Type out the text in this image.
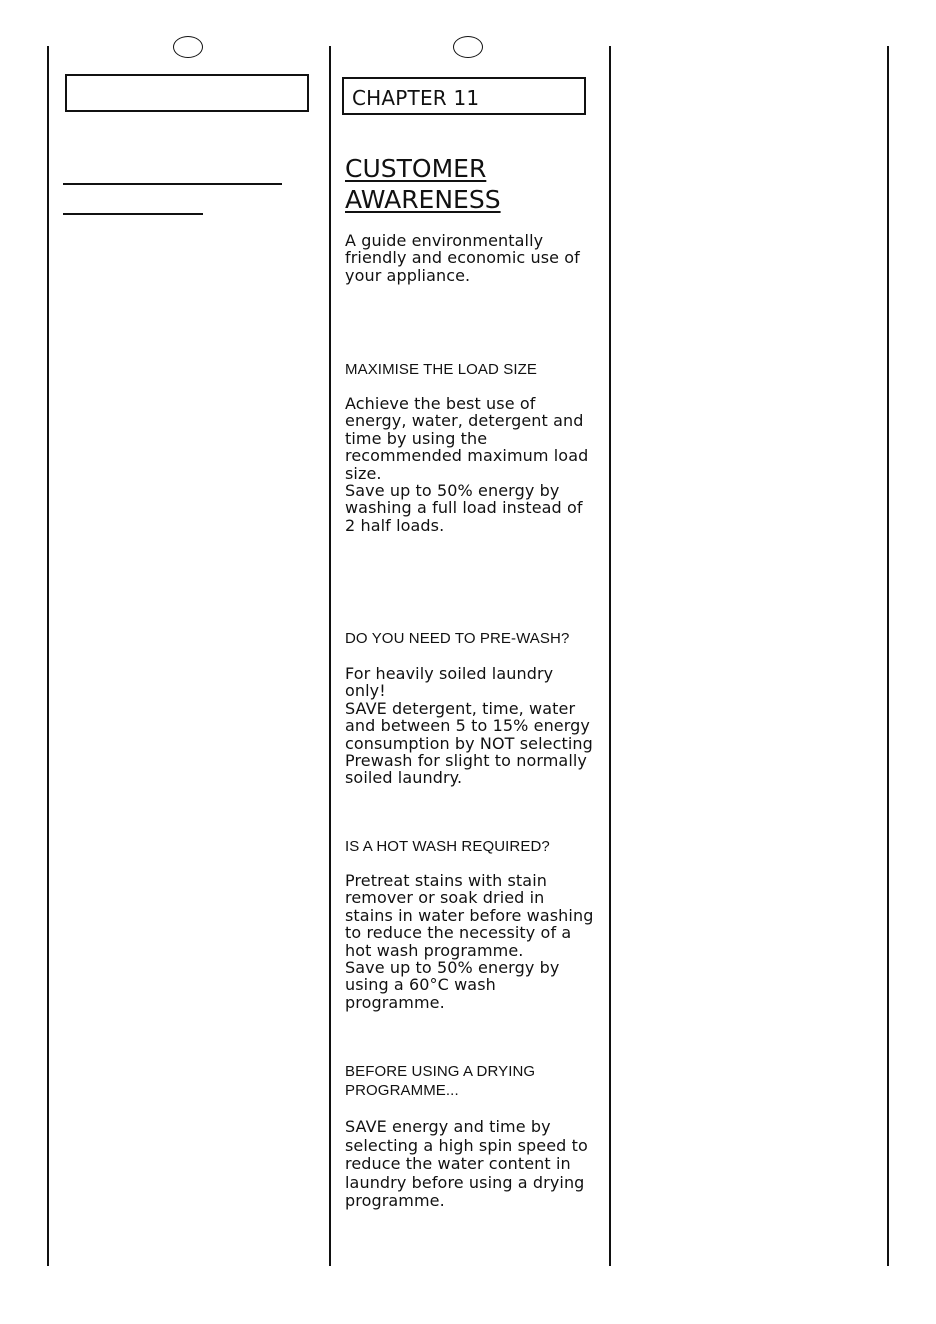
CHAPTER 11
CUSTOMER
AWARENESS

A guide environmentally friendly and economic use of your appliance.

MAXIMISE THE LOAD SIZE

Achieve the best use of energy, water, detergent and time by using the recommended maximum load size.
Save up to 50% energy by washing a full load instead of 2 half loads.

DO YOU NEED TO PRE-WASH?

For heavily soiled laundry only!
SAVE detergent, time, water and between 5 to 15% energy consumption by NOT selecting Prewash for slight to normally soiled laundry.

IS A HOT WASH REQUIRED?

Pretreat stains with stain remover or soak dried in stains in water before washing to reduce the necessity of a hot wash programme.
Save up to 50% energy by using a 60°C wash programme.

BEFORE USING A DRYING PROGRAMME...

SAVE energy and time by selecting a high spin speed to reduce the water content in laundry before using a drying programme.
